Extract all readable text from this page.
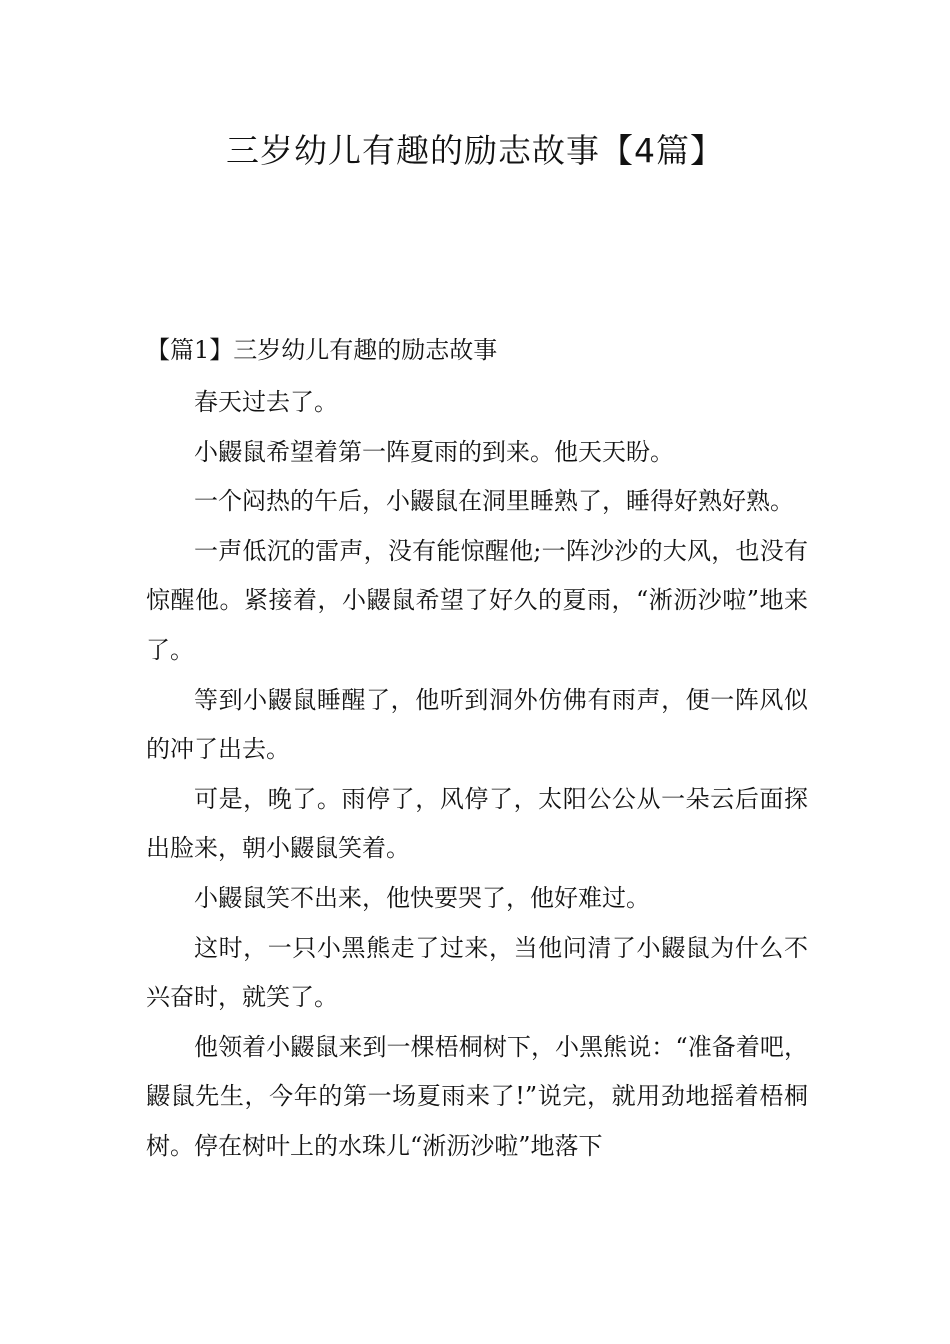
三岁幼儿有趣的励志故事【4篇】
【篇1】三岁幼儿有趣的励志故事

春天过去了。

小鼹鼠希望着第一阵夏雨的到来。他天天盼。

一个闷热的午后，小鼹鼠在洞里睡熟了，睡得好熟好熟。

一声低沉的雷声，没有能惊醒他;一阵沙沙的大风，也没有惊醒他。紧接着，小鼹鼠希望了好久的夏雨，“淅沥沙啦”地来了。

等到小鼹鼠睡醒了，他听到洞外仿佛有雨声，便一阵风似的冲了出去。

可是，晚了。雨停了，风停了，太阳公公从一朵云后面探出脸来，朝小鼹鼠笑着。

小鼹鼠笑不出来，他快要哭了，他好难过。

这时，一只小黑熊走了过来，当他问清了小鼹鼠为什么不兴奋时，就笑了。

他领着小鼹鼠来到一棵梧桐树下，小黑熊说：“准备着吧，鼹鼠先生，今年的第一场夏雨来了!”说完，就用劲地摇着梧桐树。停在树叶上的水珠儿“淅沥沙啦”地落下
